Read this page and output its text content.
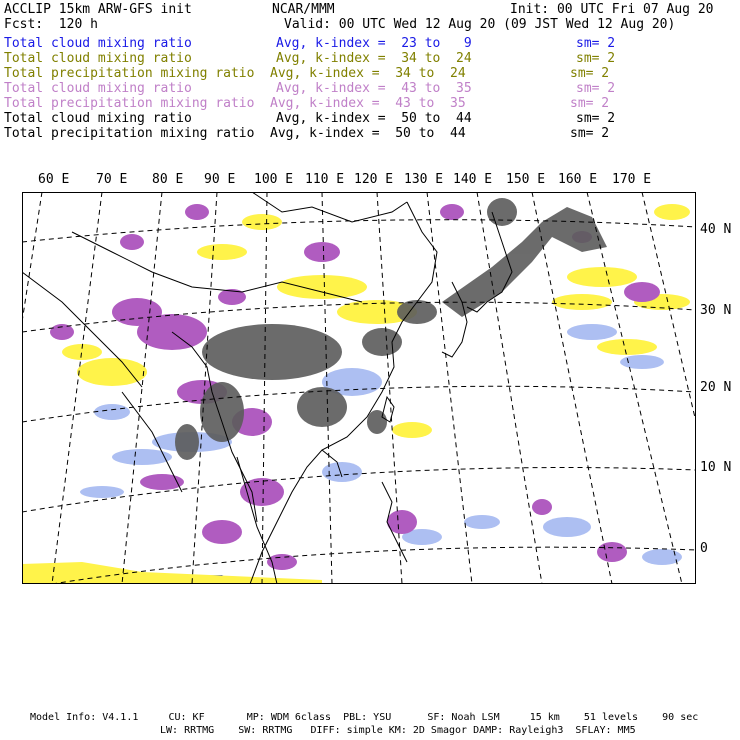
ACCLIP 15km ARW-GFS init	NCAR/MMM	Init: 00 UTC Fri 07 Aug 20
Fcst:  120 h	Valid: 00 UTC Wed 12 Aug 20 (09 JST Wed 12 Aug 20)
Total cloud mixing ratio	Avg, k-index =  23 to   9	sm= 2
Total cloud mixing ratio	Avg, k-index =  34 to  24	sm= 2
Total precipitation mixing ratio Avg, k-index =  34 to  24	sm= 2
Total cloud mixing ratio	Avg, k-index =  43 to  35	sm= 2
Total precipitation mixing ratio Avg, k-index =  43 to  35	sm= 2
Total cloud mixing ratio	Avg, k-index =  50 to  44	sm= 2
Total precipitation mixing ratio Avg, k-index =  50 to  44	sm= 2
60 E 70 E 80 E 90 E 100 E 110 E 120 E 130 E 140 E 150 E 160 E 170 E
40 N
30 N
20 N
10 N
0
Model Info: V4.1.1     CU: KF       MP: WDM 6class  PBL: YSU      SF: Noah LSM     15 km    51 levels    90 sec
LW: RRTMG    SW: RRTMG   DIFF: simple KM: 2D Smagor DAMP: Rayleigh3  SFLAY: MM5
